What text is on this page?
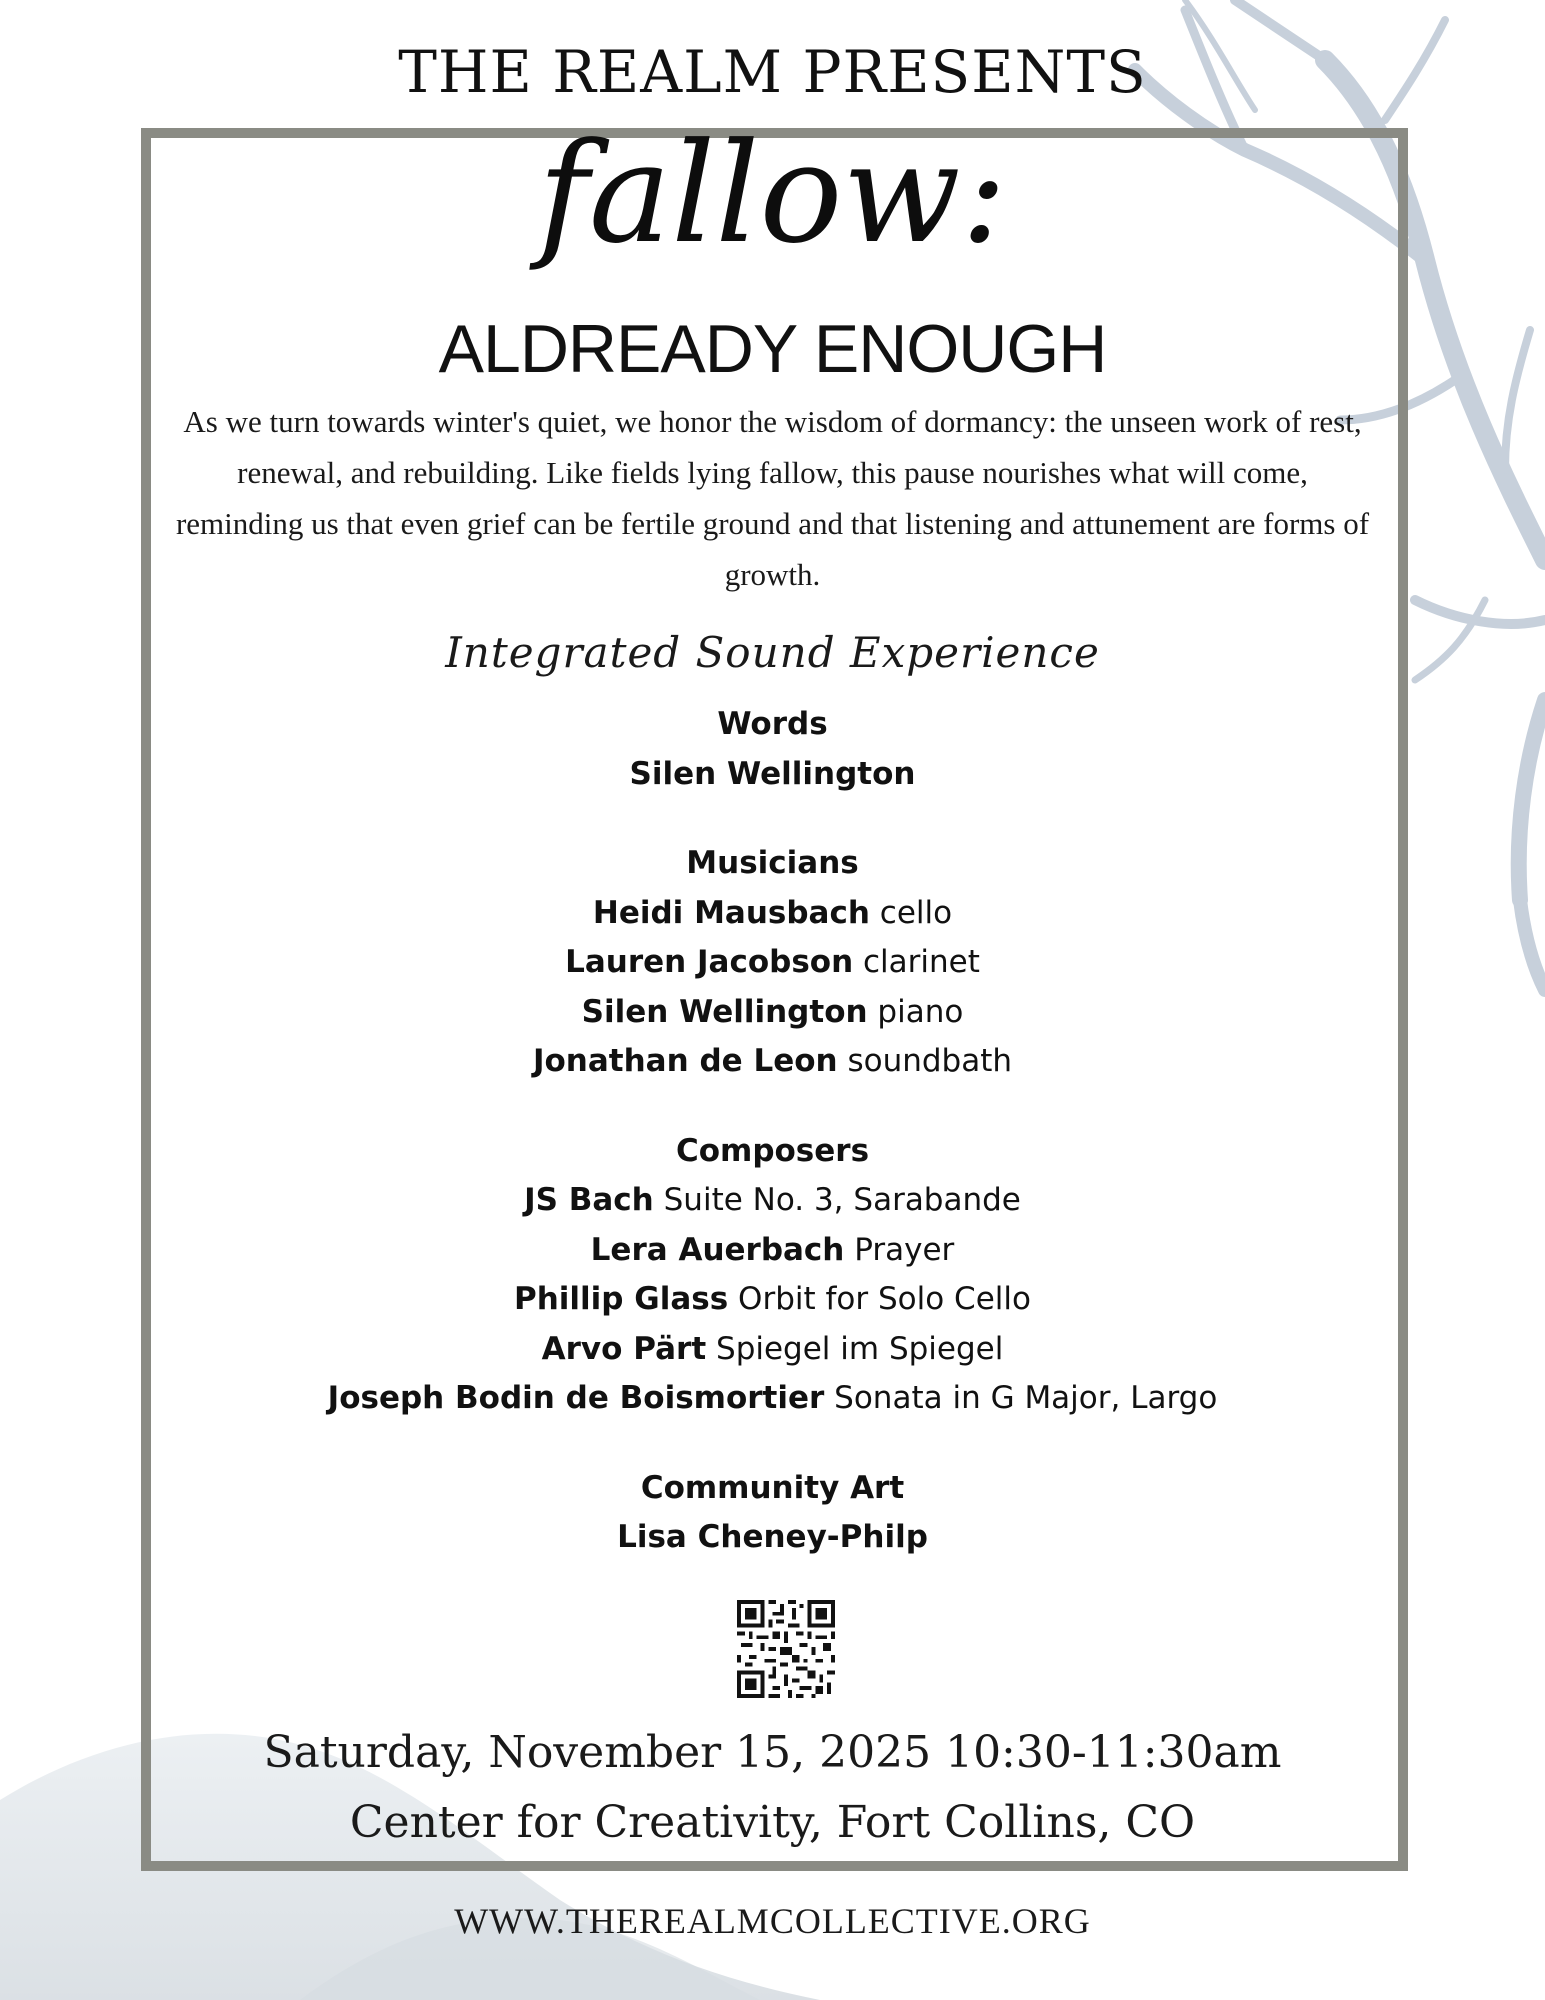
THE REALM PRESENTS
fallow:
ALDREADY ENOUGH
As we turn towards winter's quiet, we honor the wisdom of dormancy: the unseen work of rest, renewal, and rebuilding. Like fields lying fallow, this pause nourishes what will come, reminding us that even grief can be fertile ground and that listening and attunement are forms of growth.
Integrated Sound Experience
Words
Silen Wellington
Musicians
Heidi Mausbach cello
Lauren Jacobson clarinet
Silen Wellington piano
Jonathan de Leon soundbath
Composers
JS Bach Suite No. 3, Sarabande
Lera Auerbach Prayer
Phillip Glass Orbit for Solo Cello
Arvo Pärt Spiegel im Spiegel
Joseph Bodin de Boismortier Sonata in G Major, Largo
Community Art
Lisa Cheney-Philp
Saturday, November 15, 2025 10:30-11:30am
Center for Creativity, Fort Collins, CO
WWW.THEREALMCOLLECTIVE.ORG
